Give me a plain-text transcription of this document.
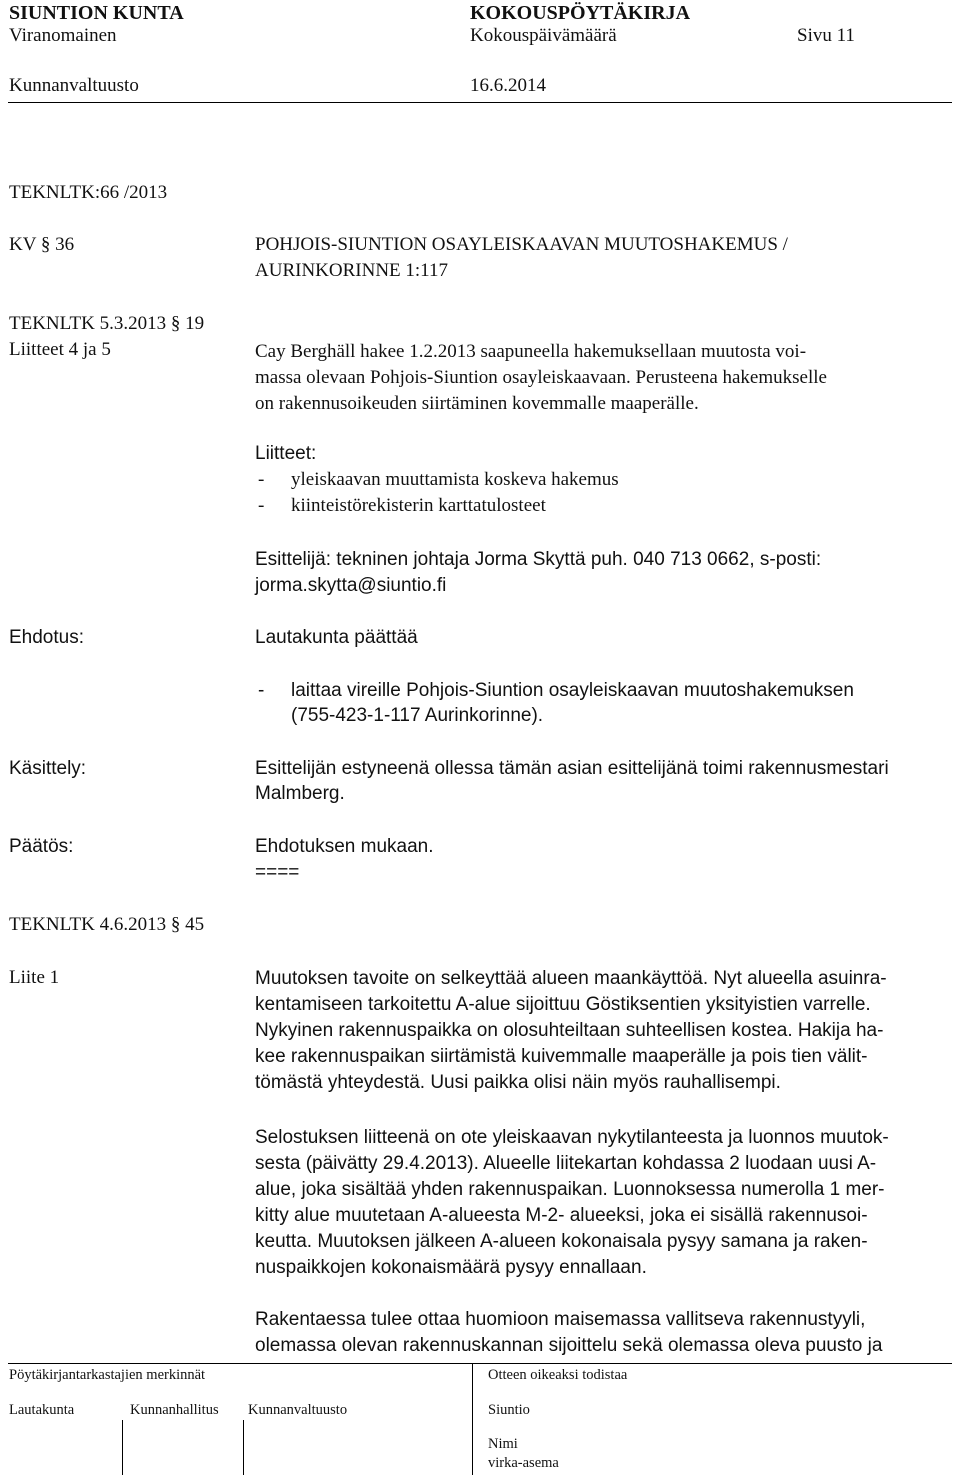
SIUNTION KUNTA	KOKOUSPÖYTÄKIRJA
Viranomainen	Kokouspäivämäärä	Sivu 11
Kunnanvaltuusto	16.6.2014
TEKNLTK:66 /2013
KV § 36	POHJOIS-SIUNTION OSAYLEISKAAVAN MUUTOSHAKEMUS /
AURINKORINNE 1:117
TEKNLTK 5.3.2013 § 19
Liitteet 4 ja 5	Cay Berghäll hakee 1.2.2013 saapuneella hakemuksellaan muutosta voi-
massa olevaan Pohjois-Siuntion osayleiskaavaan. Perusteena hakemukselle
on rakennusoikeuden siirtäminen kovemmalle maaperälle.
Liitteet:
- yleiskaavan muuttamista koskeva hakemus
- kiinteistörekisterin karttatulosteet
Esittelijä: tekninen johtaja Jorma Skyttä puh. 040 713 0662, s-posti:
jorma.skytta@siuntio.fi
Ehdotus:	Lautakunta päättää
- laittaa vireille Pohjois-Siuntion osayleiskaavan muutoshakemuksen
(755-423-1-117 Aurinkorinne).
Käsittely:	Esittelijän estyneenä ollessa tämän asian esittelijänä toimi rakennusmestari
Malmberg.
Päätös:	Ehdotuksen mukaan.
====
TEKNLTK 4.6.2013 § 45
Liite 1	Muutoksen tavoite on selkeyttää alueen maankäyttöä. Nyt alueella asuinra-
kentamiseen tarkoitettu A-alue sijoittuu Göstiksentien yksityistien varrelle.
Nykyinen rakennuspaikka on olosuhteiltaan suhteellisen kostea. Hakija ha-
kee rakennuspaikan siirtämistä kuivemmalle maaperälle ja pois tien välit-
tömästä yhteydestä. Uusi paikka olisi näin myös rauhallisempi.
Selostuksen liitteenä on ote yleiskaavan nykytilanteesta ja luonnos muutok-
sesta (päivätty 29.4.2013). Alueelle liitekartan kohdassa 2 luodaan uusi A-
alue, joka sisältää yhden rakennuspaikan. Luonnoksessa numerolla 1 mer-
kitty alue muutetaan A-alueesta M-2- alueeksi, joka ei sisällä rakennusoi-
keutta. Muutoksen jälkeen A-alueen kokonaisala pysyy samana ja raken-
nuspaikkojen kokonaismäärä pysyy ennallaan.
Rakentaessa tulee ottaa huomioon maisemassa vallitseva rakennustyyli,
olemassa olevan rakennuskannan sijoittelu sekä olemassa oleva puusto ja
Pöytäkirjantarkastajien merkinnät	Otteen oikeaksi todistaa
Lautakunta	Kunnanhallitus Kunnanvaltuusto	Siuntio
Nimi
virka-asema
